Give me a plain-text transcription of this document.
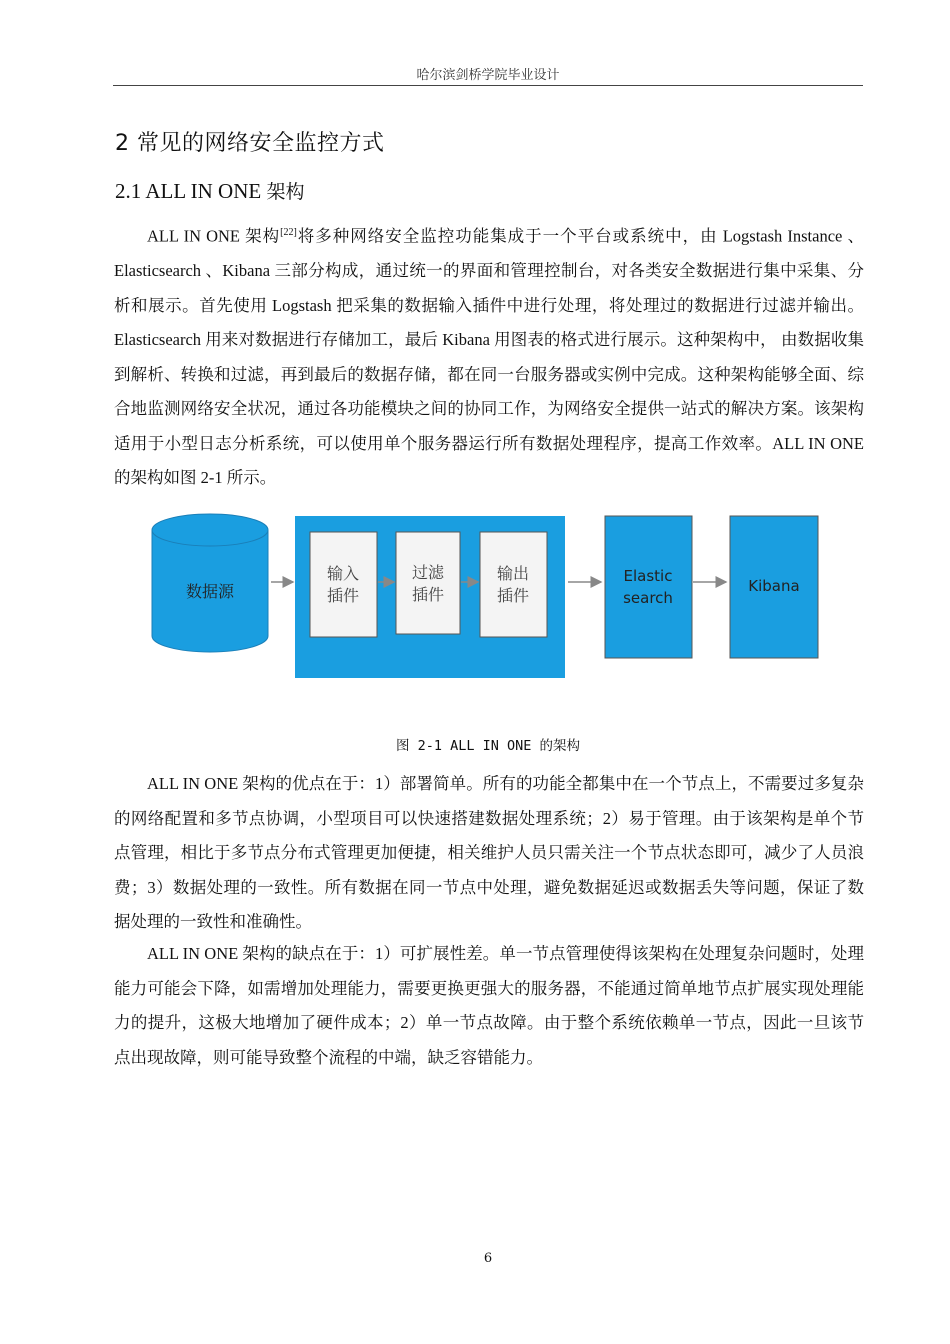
哈尔滨剑桥学院毕业设计
2 常见的网络安全监控方式
2.1 ALL IN ONE 架构

ALL IN ONE 架构[22]将多种网络安全监控功能集成于一个平台或系统中，由 Logstash Instance 、Elasticsearch 、Kibana 三部分构成，通过统一的界面和管理控制台，对各类安全数据进行集中采集、分析和展示。首先使用 Logstash 把采集的数据输入插件中进行处理，将处理过的数据进行过滤并输出。Elasticsearch 用来对数据进行存储加工，最后 Kibana 用图表的格式进行展示。这种架构中， 由数据收集到解析、转换和过滤，再到最后的数据存储，都在同一台服务器或实例中完成。这种架构能够全面、综合地监测网络安全状况，通过各功能模块之间的协同工作，为网络安全提供一站式的解决方案。该架构适用于小型日志分析系统，可以使用单个服务器运行所有数据处理程序，提高工作效率。ALL IN ONE 的架构如图 2-1 所示。

数据源
输入
插件
过滤
插件
输出
插件
Elastic
search
Kibana
图 2-1 ALL IN ONE 的架构

ALL IN ONE 架构的优点在于：1）部署简单。所有的功能全都集中在一个节点上，不需要过多复杂的网络配置和多节点协调，小型项目可以快速搭建数据处理系统；2）易于管理。由于该架构是单个节点管理，相比于多节点分布式管理更加便捷，相关维护人员只需关注一个节点状态即可，减少了人员浪费；3）数据处理的一致性。所有数据在同一节点中处理，避免数据延迟或数据丢失等问题，保证了数据处理的一致性和准确性。

ALL IN ONE 架构的缺点在于：1）可扩展性差。单一节点管理使得该架构在处理复杂问题时，处理能力可能会下降，如需增加处理能力，需要更换更强大的服务器，不能通过简单地节点扩展实现处理能力的提升，这极大地增加了硬件成本；2）单一节点故障。由于整个系统依赖单一节点，因此一旦该节点出现故障，则可能导致整个流程的中端，缺乏容错能力。

6
